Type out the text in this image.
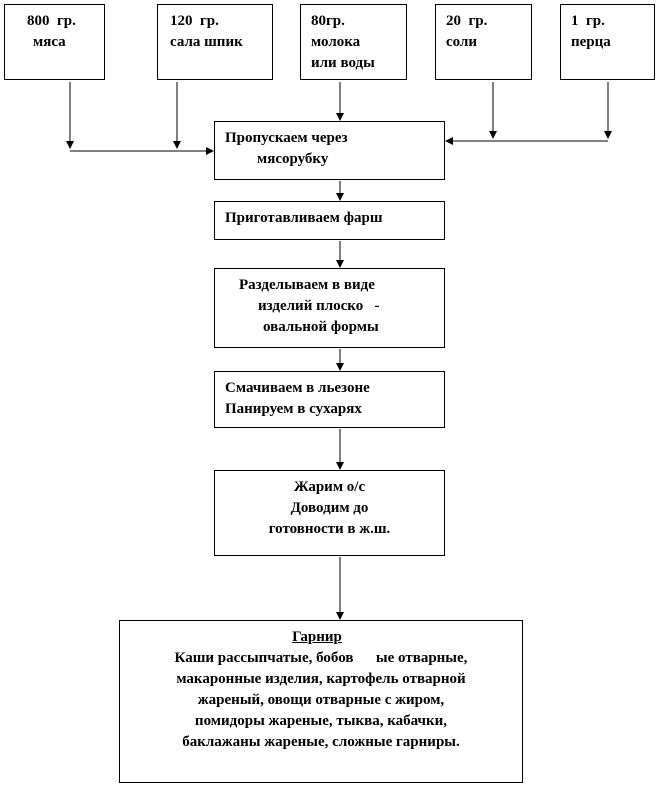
800  гр.
мяса
120  гр.
сала шпик
80гр.
молока
или воды
20  гр.
соли
1  гр.
перца
Пропускаем через
мясорубку
Приготавливаем фарш
Разделываем в виде
изделий плоско   -
овальной формы
Смачиваем в льезоне
Панируем в сухарях
Жарим о/с
Доводим до
готовности в ж.ш.
Гарнир
Каши рассыпчатые, бобов      ые отварные,
макаронные изделия, картофель отварной
жареный, овощи отварные с жиром,
помидоры жареные, тыква, кабачки,
баклажаны жареные, сложные гарниры.
